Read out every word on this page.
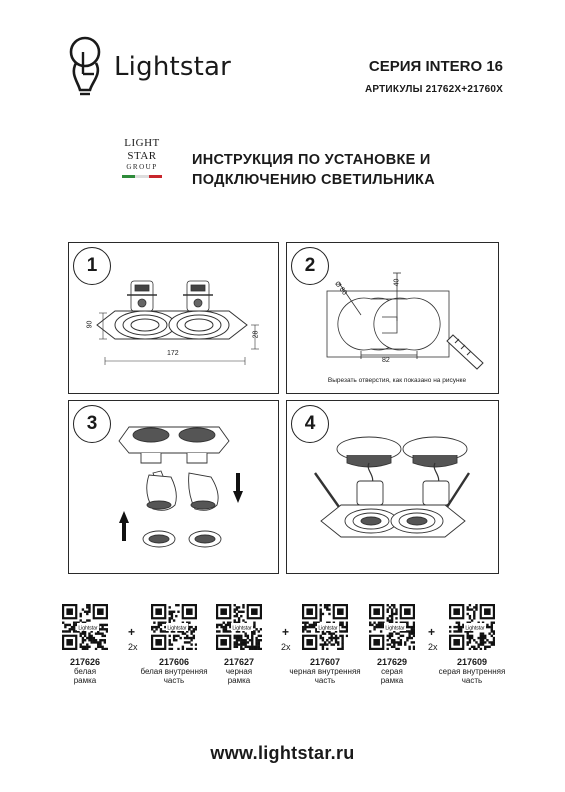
Lightstar	СЕРИЯ INTERO 16
АРТИКУЛЫ 21762X+21760X
LIGHT
STAR
GROUP	ИНСТРУКЦИЯ ПО УСТАНОВКЕ И
ПОДКЛЮЧЕНИЮ СВЕТИЛЬНИКА
90
172
28
1
Ø 80	40
82
Вырезать отверстия, как показано на рисунке
2
3	4
Lightstar
217626
белая
рамка
+
2x
Lightstar
217606
белая внутренняя
часть
Lightstar
217627
черная
рамка
+
2x
Lightstar
217607
черная внутренняя
часть
Lightstar
217629
серая
рамка
+
2x
Lightstar
217609
серая внутренняя
часть
www.lightstar.ru
